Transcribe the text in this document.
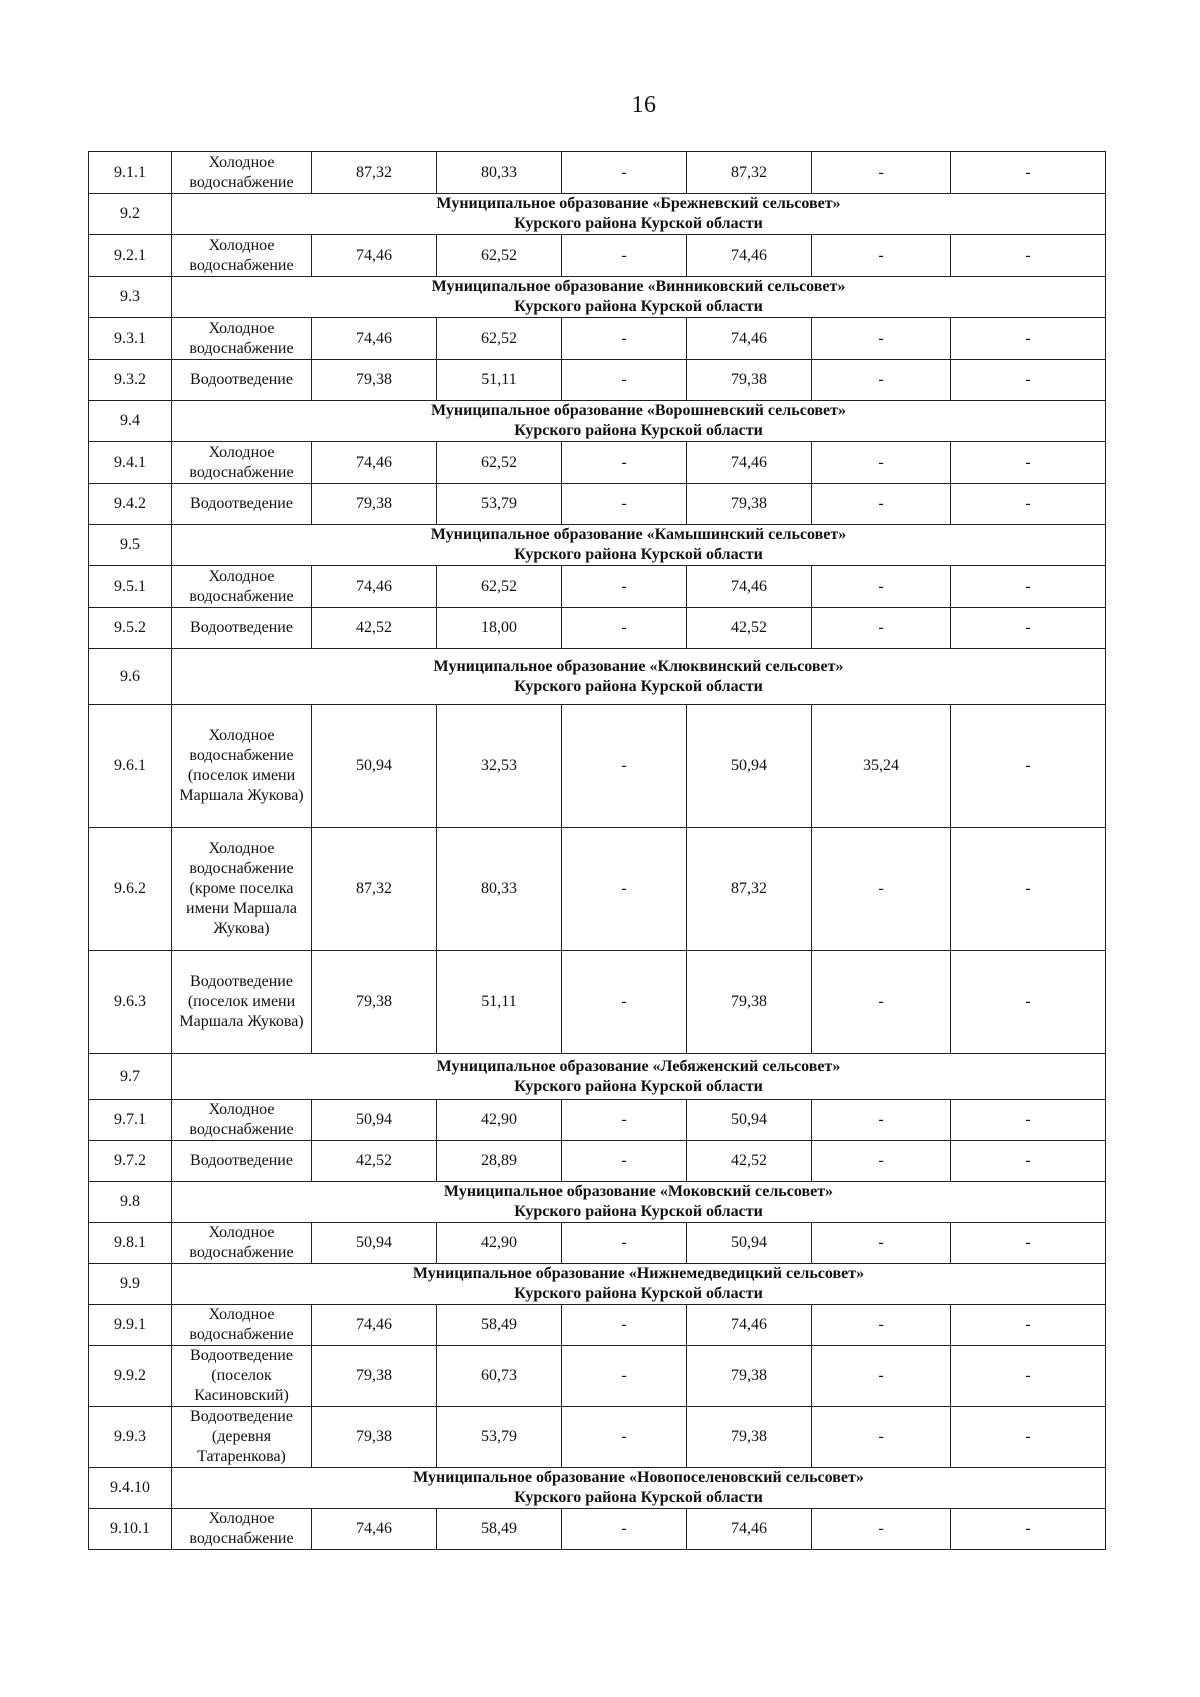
16
9.1.1	Холодное водоснабжение	87,32	80,33	-	87,32	-	-
9.2	Муниципальное образование «Брежневский сельсовет»
Курского района Курской области						

9.2.1	Холодное водоснабжение	74,46	62,52	-	74,46	-	-
9.3	Муниципальное образование «Винниковский сельсовет»
Курского района Курской области						

9.3.1	Холодное водоснабжение	74,46	62,52	-	74,46	-	-
9.3.2	Водоотведение	79,38	51,11	-	79,38	-	-
9.4	Муниципальное образование «Ворошневский сельсовет»
Курского района Курской области						

9.4.1	Холодное водоснабжение	74,46	62,52	-	74,46	-	-
9.4.2	Водоотведение	79,38	53,79	-	79,38	-	-
9.5	Муниципальное образование «Камышинский сельсовет»
Курского района Курской области						

9.5.1	Холодное водоснабжение	74,46	62,52	-	74,46	-	-
9.5.2	Водоотведение	42,52	18,00	-	42,52	-	-
9.6	Муниципальное образование «Клюквинский сельсовет»
Курского района Курской области						

9.6.1	Холодное водоснабжение (поселок имени Маршала Жукова)	50,94	32,53	-	50,94	35,24	-
9.6.2	Холодное водоснабжение (кроме поселка имени Маршала Жукова)	87,32	80,33	-	87,32	-	-
9.6.3	Водоотведение (поселок имени Маршала Жукова)	79,38	51,11	-	79,38	-	-
9.7	Муниципальное образование «Лебяженский сельсовет»
Курского района Курской области						

9.7.1	Холодное водоснабжение	50,94	42,90	-	50,94	-	-
9.7.2	Водоотведение	42,52	28,89	-	42,52	-	-
9.8	Муниципальное образование «Моковский сельсовет»
Курского района Курской области						

9.8.1	Холодное водоснабжение	50,94	42,90	-	50,94	-	-
9.9	Муниципальное образование «Нижнемедведицкий сельсовет»
Курского района Курской области						

9.9.1	Холодное водоснабжение	74,46	58,49	-	74,46	-	-
9.9.2	Водоотведение (поселок Касиновский)	79,38	60,73	-	79,38	-	-
9.9.3	Водоотведение (деревня Татаренкова)	79,38	53,79	-	79,38	-	-
9.4.10	Муниципальное образование «Новопоселеновский сельсовет»
Курского района Курской области						

9.10.1	Холодное водоснабжение	74,46	58,49	-	74,46	-	-
